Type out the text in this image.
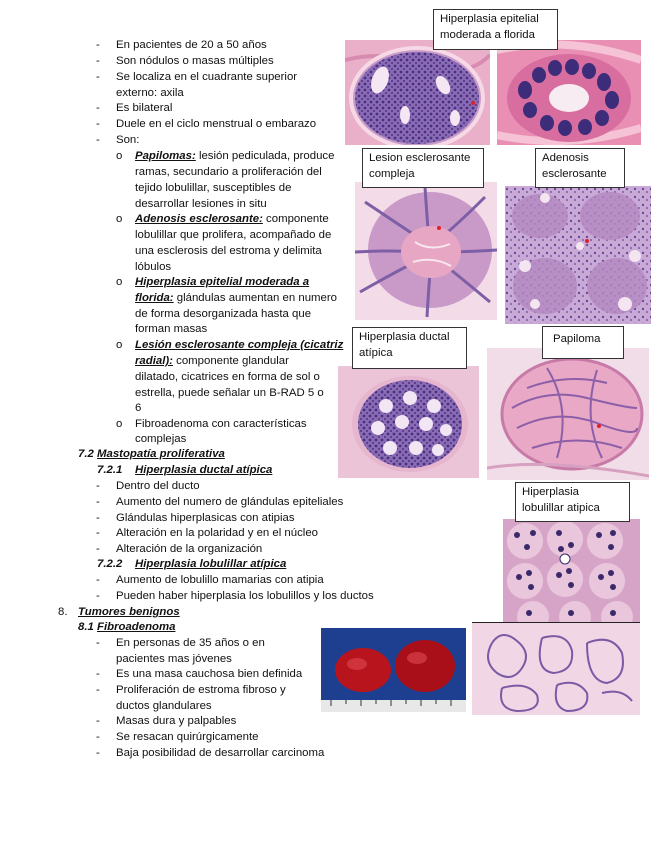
- En pacientes de 20 a 50 años
- Son nódulos o masas múltiples
- Se localiza en el cuadrante superior
externo: axila
- Es bilateral
- Duele en el ciclo menstrual o embarazo
- Son:
o Papilomas: lesión pediculada, produce
ramas, secundario a proliferación del
tejido lobulillar, susceptibles de
desarrollar lesiones in situ
o Adenosis esclerosante: componente
lobulillar que prolifera, acompañado de
una esclerosis del estroma y delimita
lóbulos
o Hiperplasia epitelial moderada a
florida: glándulas aumentan en numero
de forma desorganizada hasta que
forman masas
o Lesión esclerosante compleja (cicatriz
radial): componente glandular
dilatado, cicatrices en forma de sol o
estrella, puede señalar un B-RAD 5 o
6
o Fibroadenoma con características
complejas
7.2 Mastopatía proliferativa
7.2.1 Hiperplasia ductal atípica
- Dentro del ducto
- Aumento del numero de glándulas epiteliales
- Glándulas hiperplasicas con atipias
- Alteración en la polaridad y en el núcleo
- Alteración de la organización
7.2.2 Hiperplasia lobulillar atípica
- Aumento de lobulillo mamarias con atipia
- Pueden haber hiperplasia los lobulillos y los ductos
8. Tumores benignos
8.1 Fibroadenoma
- En personas de 35 años o en
pacientes mas jóvenes
- Es una masa cauchosa bien definida
- Proliferación de estroma fibroso y
ductos glandulares
- Masas dura y palpables
- Se resacan quirúrgicamente
- Baja posibilidad de desarrollar carcinoma
Hiperplasia epitelial
moderada a florida
Lesion esclerosante
compleja
Adenosis
esclerosante
Hiperplasia ductal
atípica
Papiloma
Hiperplasia
lobulillar atipica
